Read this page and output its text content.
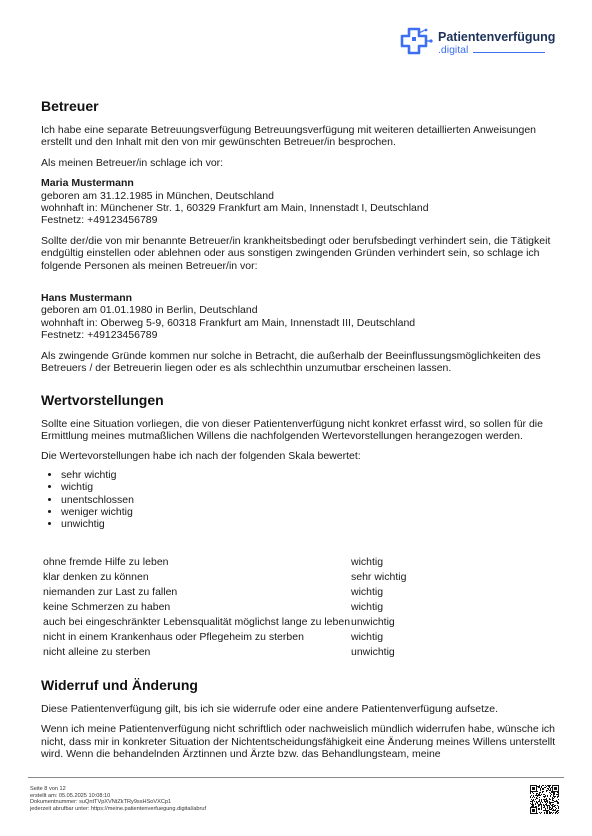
Patientenverfügung
.digital
Betreuer

Ich habe eine separate Betreuungsverfügung Betreuungsverfügung mit weiteren detaillierten Anweisungen erstellt und den Inhalt mit den von mir gewünschten Betreuer/in besprochen.

Als meinen Betreuer/in schlage ich vor:

Maria Mustermann
geboren am 31.12.1985 in München, Deutschland
wohnhaft in: Münchener Str. 1, 60329 Frankfurt am Main, Innenstadt I, Deutschland
Festnetz: +49123456789

Sollte der/die von mir benannte Betreuer/in krankheitsbedingt oder berufsbedingt verhindert sein, die Tätigkeit endgültig einstellen oder ablehnen oder aus sonstigen zwingenden Gründen verhindert sein, so schlage ich folgende Personen als meinen Betreuer/in vor:

Hans Mustermann
geboren am 01.01.1980 in Berlin, Deutschland
wohnhaft in: Oberweg 5-9, 60318 Frankfurt am Main, Innenstadt III, Deutschland
Festnetz: +49123456789

Als zwingende Gründe kommen nur solche in Betracht, die außerhalb der Beeinflussungsmöglichkeiten des Betreuers / der Betreuerin liegen oder es als schlechthin unzumutbar erscheinen lassen.

Wertvorstellungen

Sollte eine Situation vorliegen, die von dieser Patientenverfügung nicht konkret erfasst wird, so sollen für die Ermittlung meines mutmaßlichen Willens die nachfolgenden Wertevorstellungen herangezogen werden.

Die Wertevorstellungen habe ich nach der folgenden Skala bewertet:

• sehr wichtig
• wichtig
• unentschlossen
• weniger wichtig
• unwichtig
ohne fremde Hilfe zu leben	wichtig
klar denken zu können	sehr wichtig
niemanden zur Last zu fallen	wichtig
keine Schmerzen zu haben	wichtig
auch bei eingeschränkter Lebensqualität möglichst lange zu leben	unwichtig
nicht in einem Krankenhaus oder Pflegeheim zu sterben	wichtig
nicht alleine zu sterben	unwichtig
Widerruf und Änderung

Diese Patientenverfügung gilt, bis ich sie widerrufe oder eine andere Patientenverfügung aufsetze.

Wenn ich meine Patientenverfügung nicht schriftlich oder nachweislich mündlich widerrufen habe, wünsche ich nicht, dass mir in konkreter Situation der Nichtentscheidungsfähigkeit eine Änderung meines Willens unterstellt wird. Wenn die behandelnden Ärztinnen und Ärzte bzw. das Behandlungsteam, meine

Seite 8 von 12
erstellt am: 05.05.2025 10:08:10
Dokumentnummer: suQntTVpXVNtZkTRy9ssHSoVXCp1
jederzeit abrufbar unter: https://meine.patientenverfuegung.digital/abruf
